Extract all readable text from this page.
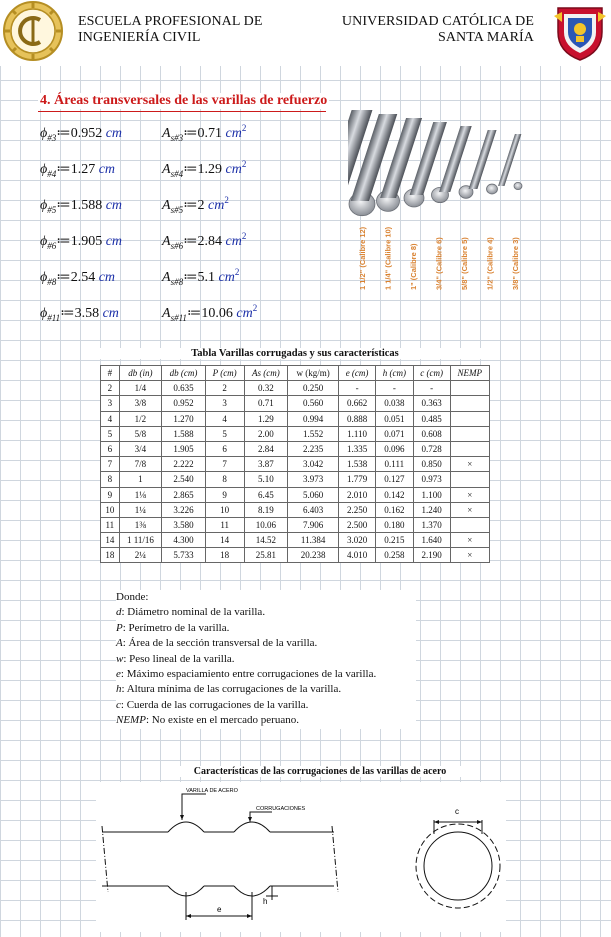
ESCUELA PROFESIONAL DE
INGENIERÍA CIVIL
UNIVERSIDAD CATÓLICA DE
SANTA MARÍA
4. Áreas transversales de las varillas de refuerzo
$\phi_{\#3}≔0.952$ cm	$A_{s\#3}≔0.71$ $cm^2$
$\phi_{\#4}≔1.27$ cm	$A_{s\#4}≔1.29$ $cm^2$
$\phi_{\#5}≔1.588$ cm	$A_{s\#5}≔2$ $cm^2$
$\phi_{\#6}≔1.905$ cm	$A_{s\#6}≔2.84$ $cm^2$
$\phi_{\#8}≔2.54$ cm	$A_{s\#8}≔5.1$ $cm^2$
$\phi_{\#11}≔3.58$ cm	$A_{s\#11}≔10.06$ $cm^2$
1 1/2" (Calibre 12) 1 1/4" (Calibre 10) 1" (Calibre 8) 3/4" (Calibre 6) 5/8" (Calibre 5) 1/2" (Calibre 4) 3/8" (Calibre 3)
Tabla Varillas corrugadas y sus características
#	db (in)	db (cm)	P (cm)	As (cm)	w (kg/m)	e (cm)	h (cm)	c (cm)	NEMP
2	1/4	0.635	2	0.32	0.250	-	-	-	
3	3/8	0.952	3	0.71	0.560	0.662	0.038	0.363	
4	1/2	1.270	4	1.29	0.994	0.888	0.051	0.485	
5	5/8	1.588	5	2.00	1.552	1.110	0.071	0.608	
6	3/4	1.905	6	2.84	2.235	1.335	0.096	0.728	
7	7/8	2.222	7	3.87	3.042	1.538	0.111	0.850	×
8	1	2.540	8	5.10	3.973	1.779	0.127	0.973	
9	1⅛	2.865	9	6.45	5.060	2.010	0.142	1.100	×
10	1¼	3.226	10	8.19	6.403	2.250	0.162	1.240	×
11	1⅜	3.580	11	10.06	7.906	2.500	0.180	1.370	
14	1 11/16	4.300	14	14.52	11.384	3.020	0.215	1.640	×
18	2¼	5.733	18	25.81	20.238	4.010	0.258	2.190	×
Donde:
d: Diámetro nominal de la varilla.
P: Perímetro de la varilla.
A: Área de la sección transversal de la varilla.
w: Peso lineal de la varilla.
e: Máximo espaciamiento entre corrugaciones de la varilla.
h: Altura mínima de las corrugaciones de la varilla.
c: Cuerda de las corrugaciones de la varilla.
NEMP: No existe en el mercado peruano.
Características de las corrugaciones de las varillas de acero
VARILLA DE ACERO
CORRUGACIONES
e
h
c
